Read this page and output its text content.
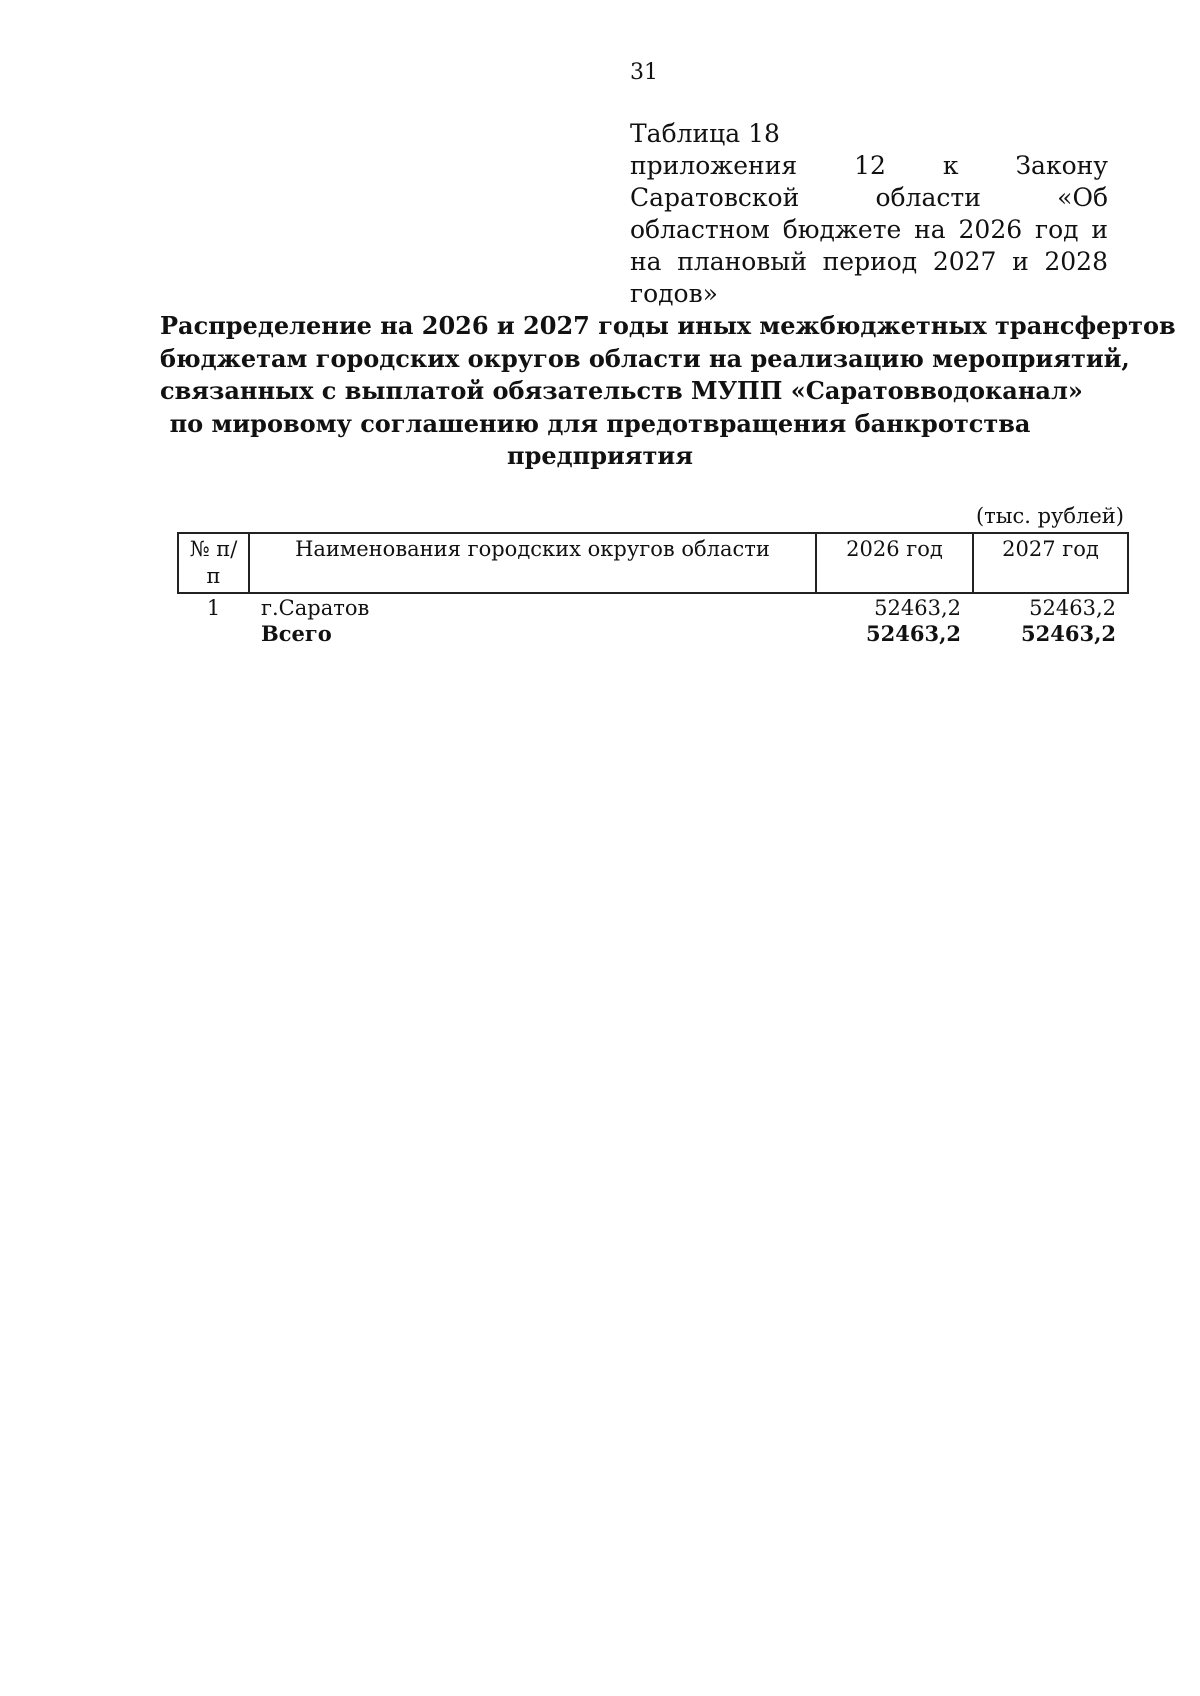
31
Таблица 18
приложения 12 к Закону Саратовской области «Об областном бюджете на 2026 год и на плановый период 2027 и 2028 годов»
Распределение на 2026 и 2027 годы иных межбюджетных трансфертов
бюджетам городских округов области на реализацию мероприятий,
связанных с выплатой обязательств МУПП «Саратовводоканал»
по мировому соглашению для предотвращения банкротства
предприятия
(тыс. рублей)
№ п/п	Наименования городских округов области	2026 год	2027 год
1	г.Саратов	52463,2	52463,2
	Всего	52463,2	52463,2
